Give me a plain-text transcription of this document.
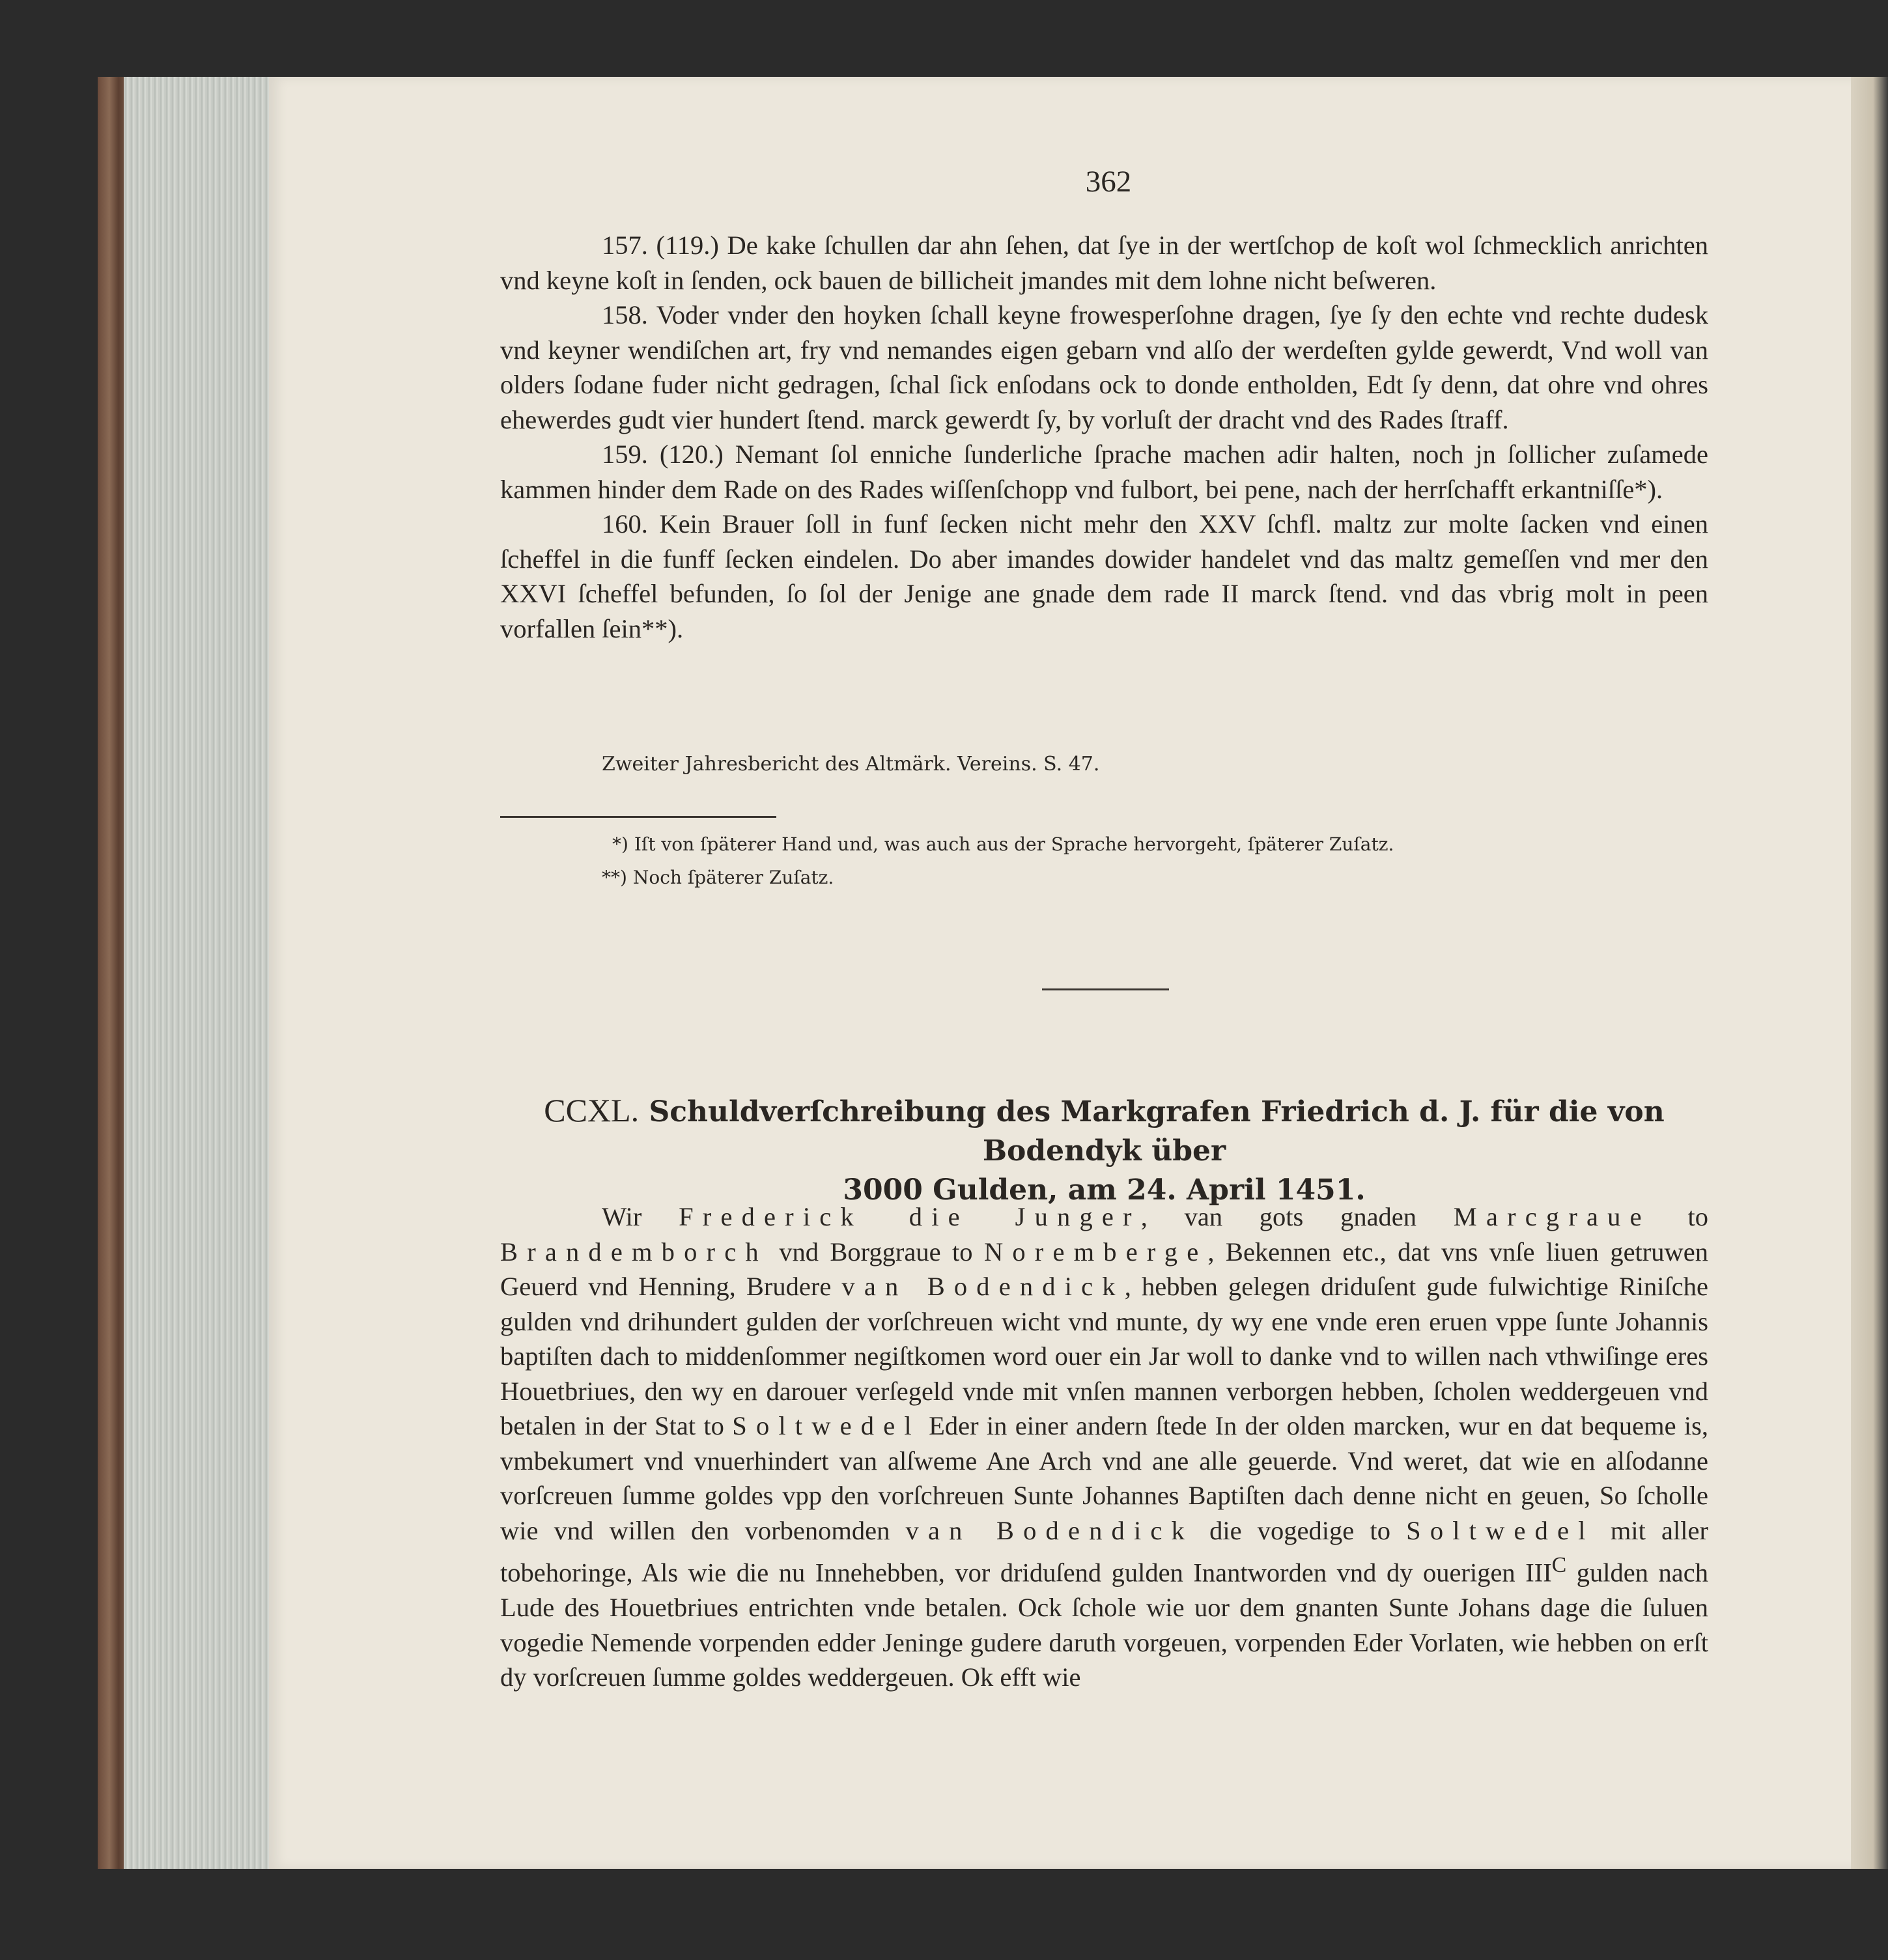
362

157. (119.) De kake ſchullen dar ahn ſehen, dat ſye in der wertſchop de koſt wol ſchmecklich anrichten vnd keyne koſt in ſenden, ock bauen de billicheit jmandes mit dem lohne nicht beſweren.

158. Voder vnder den hoyken ſchall keyne frowesperſohne dragen, ſye ſy den echte vnd rechte dudesk vnd keyner wendiſchen art, fry vnd nemandes eigen gebarn vnd alſo der werdeſten gylde gewerdt, Vnd woll van olders ſodane fuder nicht gedragen, ſchal ſick enſodans ock to donde entholden, Edt ſy denn, dat ohre vnd ohres ehewerdes gudt vier hundert ſtend. marck gewerdt ſy, by vorluſt der dracht vnd des Rades ſtraff.

159. (120.) Nemant ſol enniche ſunderliche ſprache machen adir halten, noch jn ſollicher zuſamede kammen hinder dem Rade on des Rades wiſſenſchopp vnd fulbort, bei pene, nach der herrſchafft erkantniſſe*).

160. Kein Brauer ſoll in funf ſecken nicht mehr den XXV ſchfl. maltz zur molte ſacken vnd einen ſcheffel in die funff ſecken eindelen. Do aber imandes dowider handelet vnd das maltz gemeſſen vnd mer den XXVI ſcheffel befunden, ſo ſol der Jenige ane gnade dem rade II marck ſtend. vnd das vbrig molt in peen vorfallen ſein**).

Zweiter Jahresbericht des Altmärk. Vereins. S. 47.
*) Iſt von ſpäterer Hand und, was auch aus der Sprache hervorgeht, ſpäterer Zuſatz.
**) Noch ſpäterer Zuſatz.
CCXL. Schuldverſchreibung des Markgrafen Friedrich d. J. für die von Bodendyk über
3000 Gulden, am 24. April 1451.

Wir Frederick die Junger, van gots gnaden Marcgraue to Brandemborch vnd Borggraue to Noremberge, Bekennen etc., dat vns vnſe liuen getruwen Geuerd vnd Henning, Brudere van Bodendick, hebben gelegen driduſent gude fulwichtige Riniſche gulden vnd drihundert gulden der vorſchreuen wicht vnd munte, dy wy ene vnde eren eruen vppe ſunte Johannis baptiſten dach to middenſommer negiſtkomen word ouer ein Jar woll to danke vnd to willen nach vthwiſinge eres Houetbriues, den wy en darouer verſegeld vnde mit vnſen mannen verborgen hebben, ſcholen weddergeuen vnd betalen in der Stat to Soltwedel Eder in einer andern ſtede In der olden marcken, wur en dat bequeme is, vmbekumert vnd vnuerhindert van alſweme Ane Arch vnd ane alle geuerde. Vnd weret, dat wie en alſodanne vorſcreuen ſumme goldes vpp den vorſchreuen Sunte Johannes Baptiſten dach denne nicht en geuen, So ſcholle wie vnd willen den vorbenomden van Bodendick die vogedige to Soltwedel mit aller tobehoringe, Als wie die nu Innehebben, vor driduſend gulden Inantworden vnd dy ouerigen $III^C$ gulden nach Lude des Houetbriues entrichten vnde betalen. Ock ſchole wie uor dem gnanten Sunte Johans dage die ſuluen vogedie Nemende vorpenden edder Jeninge gudere daruth vorgeuen, vorpenden Eder Vorlaten, wie hebben on erſt dy vorſcreuen ſumme goldes weddergeuen. Ok efft wie
